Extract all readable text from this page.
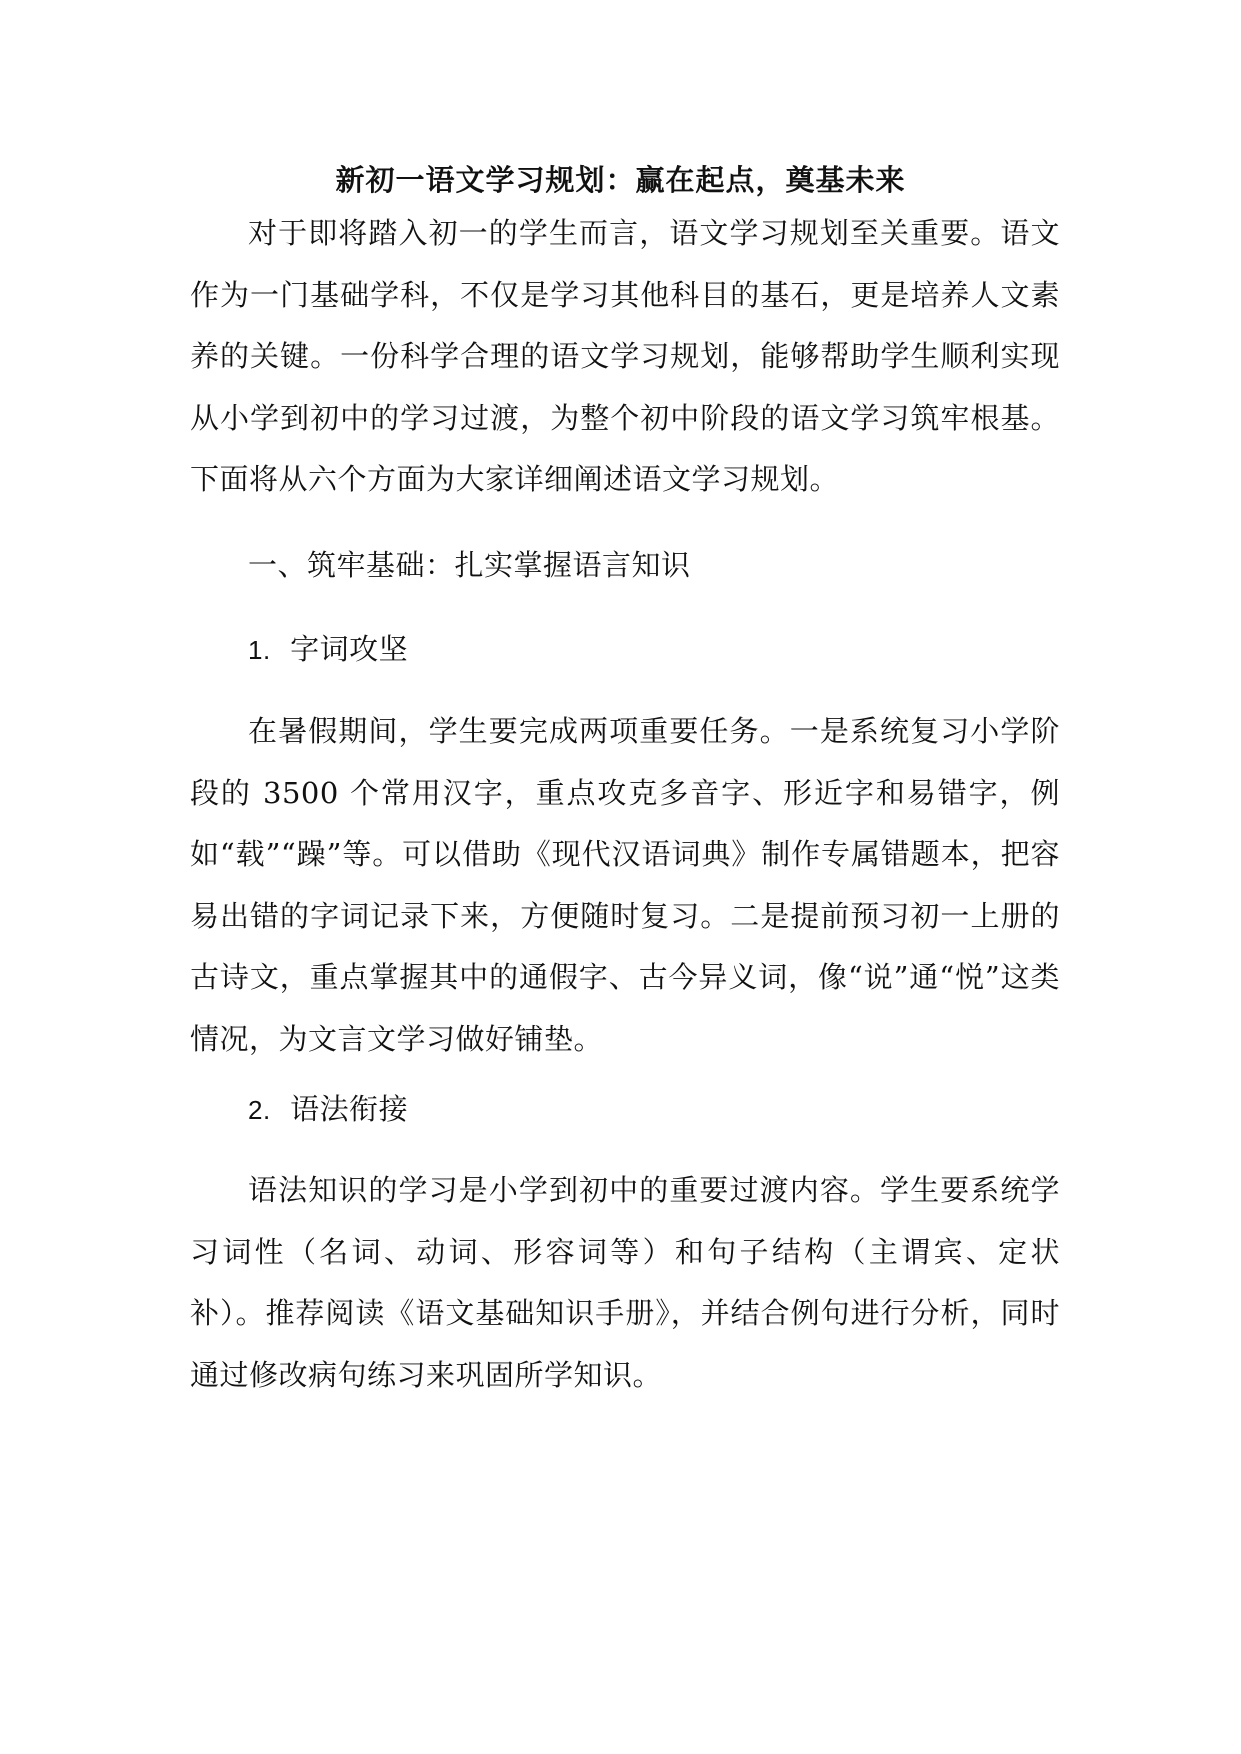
新初一语文学习规划：赢在起点，奠基未来

对于即将踏入初一的学生而言，语文学习规划至关重要。语文作为一门基础学科，不仅是学习其他科目的基石，更是培养人文素养的关键。一份科学合理的语文学习规划，能够帮助学生顺利实现从小学到初中的学习过渡，为整个初中阶段的语文学习筑牢根基。下面将从六个方面为大家详细阐述语文学习规划。

一、筑牢基础：扎实掌握语言知识
1. 字词攻坚

在暑假期间，学生要完成两项重要任务。一是系统复习小学阶段的 3500 个常用汉字，重点攻克多音字、形近字和易错字，例如“载”“躁”等。可以借助《现代汉语词典》制作专属错题本，把容易出错的字词记录下来，方便随时复习。二是提前预习初一上册的古诗文，重点掌握其中的通假字、古今异义词，像“说”通“悦”这类情况，为文言文学习做好铺垫。

2. 语法衔接

语法知识的学习是小学到初中的重要过渡内容。学生要系统学习词性（名词、动词、形容词等）和句子结构（主谓宾、定状补）。推荐阅读《语文基础知识手册》，并结合例句进行分析，同时通过修改病句练习来巩固所学知识。
